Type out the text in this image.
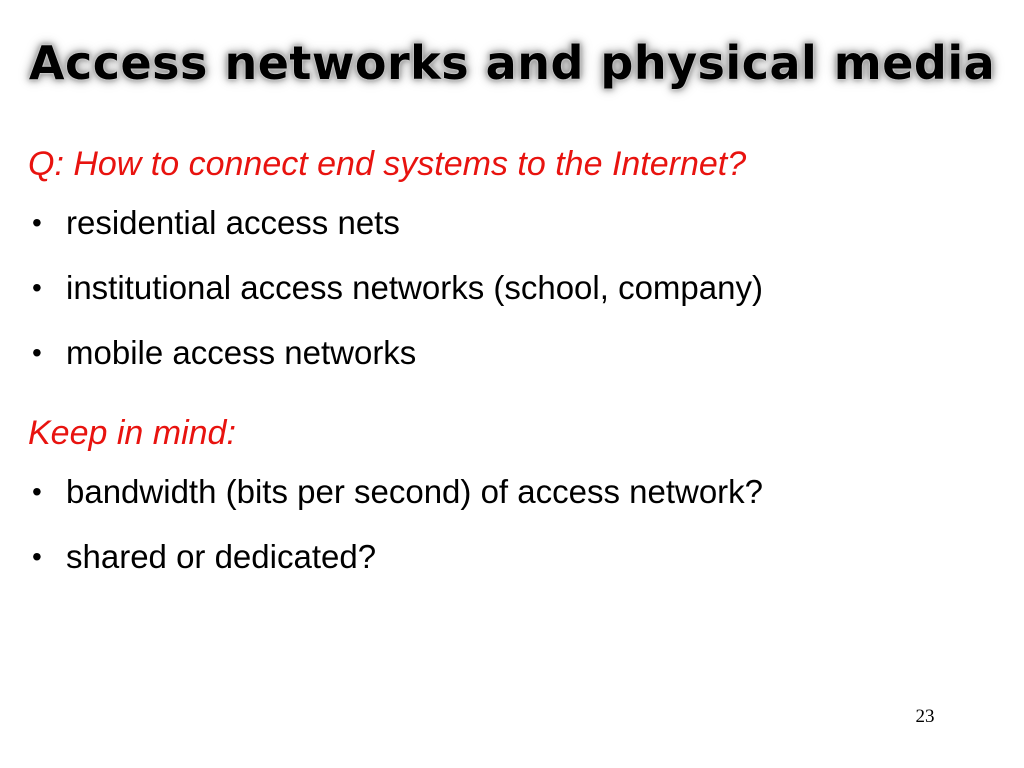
Access networks and physical media
Q: How to connect end systems to the Internet?
• residential access nets
• institutional access networks (school, company)
• mobile access networks
Keep in mind:
• bandwidth (bits per second) of access network?
• shared or dedicated?
23
